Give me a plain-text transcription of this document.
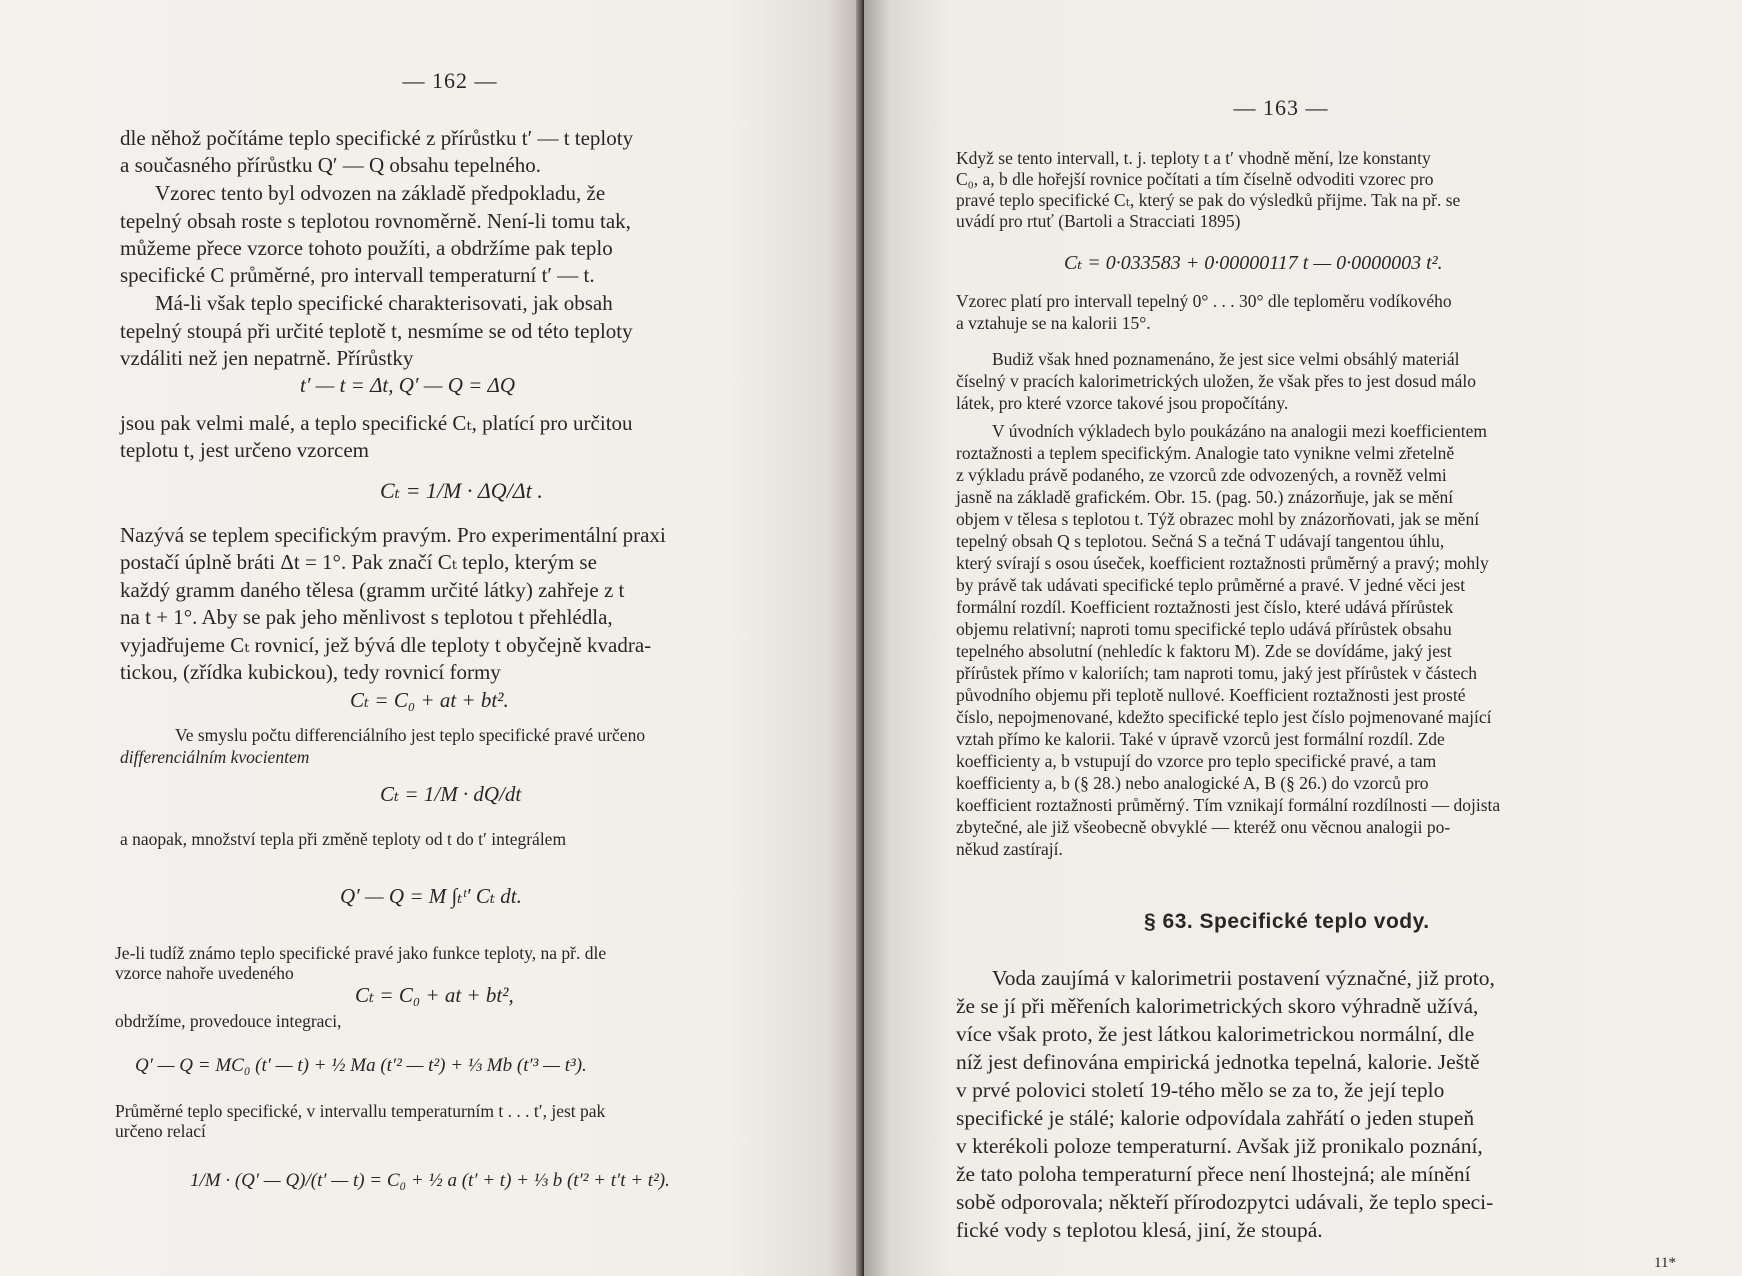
— 162 —
dle něhož počítáme teplo specifické z přírůstku t′ — t teploty
a současného přírůstku Q′ — Q obsahu tepelného.
Vzorec tento byl odvozen na základě předpokladu, že
tepelný obsah roste s teplotou rovnoměrně. Není-li tomu tak,
můžeme přece vzorce tohoto použíti, a obdržíme pak teplo
specifické C průměrné, pro intervall temperaturní t′ — t.
Má-li však teplo specifické charakterisovati, jak obsah
tepelný stoupá při určité teplotě t, nesmíme se od této teploty
vzdáliti než jen nepatrně. Přírůstky
t′ — t = Δt, Q′ — Q = ΔQ
jsou pak velmi malé, a teplo specifické Cₜ, platící pro určitou
teplotu t, jest určeno vzorcem
Cₜ = 1/M · ΔQ/Δt .
Nazývá se teplem specifickým pravým. Pro experimentální praxi
postačí úplně bráti Δt = 1°. Pak značí Cₜ teplo, kterým se
každý gramm daného tělesa (gramm určité látky) zahřeje z t
na t + 1°. Aby se pak jeho měnlivost s teplotou t přehlédla,
vyjadřujeme Cₜ rovnicí, jež bývá dle teploty t obyčejně kvadra-
tickou, (zřídka kubickou), tedy rovnicí formy
Cₜ = C₀ + at + bt².
Ve smyslu počtu differenciálního jest teplo specifické pravé určeno
differenciálním kvocientem
Cₜ = 1/M · dQ/dt
a naopak, množství tepla při změně teploty od t do t′ integrálem
Q′ — Q = M ∫ₜᵗ′ Cₜ dt.
Je-li tudíž známo teplo specifické pravé jako funkce teploty, na př. dle
vzorce nahoře uvedeného
Cₜ = C₀ + at + bt²,
obdržíme, provedouce integraci,
Q′ — Q = MC₀ (t′ — t) + ½ Ma (t′² — t²) + ⅓ Mb (t′³ — t³).
Průměrné teplo specifické, v intervallu temperaturním t . . . t′, jest pak
určeno relací
1/M · (Q′ — Q)/(t′ — t) = C₀ + ½ a (t′ + t) + ⅓ b (t′² + t′t + t²).
— 163 —
Když se tento intervall, t. j. teploty t a t′ vhodně mění, lze konstanty
C₀, a, b dle hořejší rovnice počítati a tím číselně odvoditi vzorec pro
pravé teplo specifické Cₜ, který se pak do výsledků přijme. Tak na př. se
uvádí pro rtuť (Bartoli a Stracciati 1895)
Cₜ = 0·033583 + 0·00000117 t — 0·0000003 t².
Vzorec platí pro intervall tepelný 0° . . . 30° dle teploměru vodíkového
a vztahuje se na kalorii 15°.
Budiž však hned poznamenáno, že jest sice velmi obsáhlý materiál
číselný v pracích kalorimetrických uložen, že však přes to jest dosud málo
látek, pro které vzorce takové jsou propočítány.
V úvodních výkladech bylo poukázáno na analogii mezi koefficientem
roztažnosti a teplem specifickým. Analogie tato vynikne velmi zřetelně
z výkladu právě podaného, ze vzorců zde odvozených, a rovněž velmi
jasně na základě grafickém. Obr. 15. (pag. 50.) znázorňuje, jak se mění
objem v tělesa s teplotou t. Týž obrazec mohl by znázorňovati, jak se mění
tepelný obsah Q s teplotou. Sečná S a tečná T udávají tangentou úhlu,
který svírají s osou úseček, koefficient roztažnosti průměrný a pravý; mohly
by právě tak udávati specifické teplo průměrné a pravé. V jedné věci jest
formální rozdíl. Koefficient roztažnosti jest číslo, které udává přírůstek
objemu relativní; naproti tomu specifické teplo udává přírůstek obsahu
tepelného absolutní (nehledíc k faktoru M). Zde se dovídáme, jaký jest
přírůstek přímo v kaloriích; tam naproti tomu, jaký jest přírůstek v částech
původního objemu při teplotě nullové. Koefficient roztažnosti jest prosté
číslo, nepojmenované, kdežto specifické teplo jest číslo pojmenované mající
vztah přímo ke kalorii. Také v úpravě vzorců jest formální rozdíl. Zde
koefficienty a, b vstupují do vzorce pro teplo specifické pravé, a tam
koefficienty a, b (§ 28.) nebo analogické A, B (§ 26.) do vzorců pro
koefficient roztažnosti průměrný. Tím vznikají formální rozdílnosti — dojista
zbytečné, ale již všeobecně obvyklé — kteréž onu věcnou analogii po-
někud zastírají.
§ 63. Specifické teplo vody.
Voda zaujímá v kalorimetrii postavení význačné, již proto,
že se jí při měřeních kalorimetrických skoro výhradně užívá,
více však proto, že jest látkou kalorimetrickou normální, dle
níž jest definována empirická jednotka tepelná, kalorie. Ještě
v prvé polovici století 19-tého mělo se za to, že její teplo
specifické je stálé; kalorie odpovídala zahřátí o jeden stupeň
v kterékoli poloze temperaturní. Avšak již pronikalo poznání,
že tato poloha temperaturní přece není lhostejná; ale mínění
sobě odporovala; někteří přírodozpytci udávali, že teplo speci-
fické vody s teplotou klesá, jiní, že stoupá.
11*
